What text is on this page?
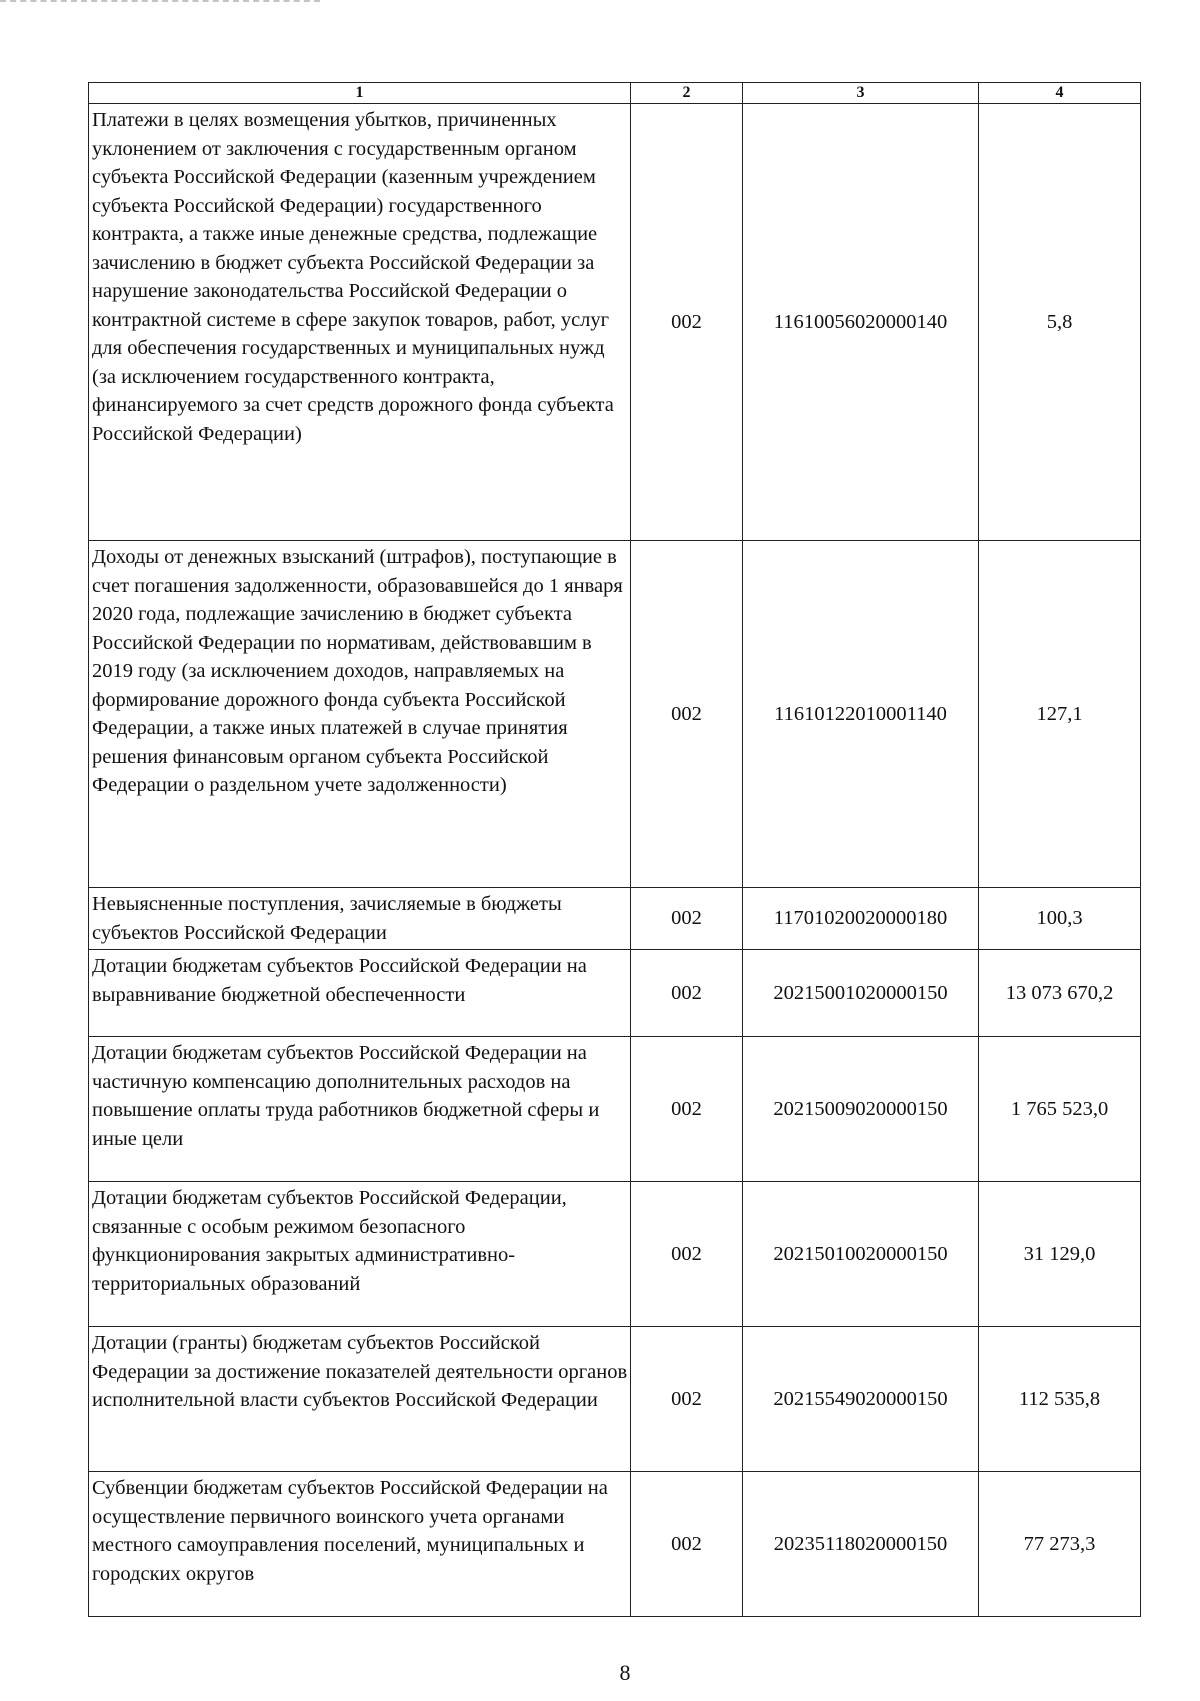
1	2	3	4
Платежи в целях возмещения убытков, причиненных уклонением от заключения с государственным органом субъекта Российской Федерации (казенным учреждением субъекта Российской Федерации) государственного контракта, а также иные денежные средства, подлежащие зачислению в бюджет субъекта Российской Федерации за нарушение законодательства Российской Федерации о контрактной системе в сфере закупок товаров, работ, услуг для обеспечения государственных и муниципальных нужд (за исключением государственного контракта, финансируемого за счет средств дорожного фонда субъекта Российской Федерации)	002	11610056020000140	5,8
Доходы от денежных взысканий (штрафов), поступающие в счет погашения задолженности, образовавшейся до 1 января 2020 года, подлежащие зачислению в бюджет субъекта Российской Федерации по нормативам, действовавшим в 2019 году (за исключением доходов, направляемых на формирование дорожного фонда субъекта Российской Федерации, а также иных платежей в случае принятия решения финансовым органом субъекта Российской Федерации о раздельном учете задолженности)	002	11610122010001140	127,1
Невыясненные поступления, зачисляемые в бюджеты субъектов Российской Федерации	002	11701020020000180	100,3
Дотации бюджетам субъектов Российской Федерации на выравнивание бюджетной обеспеченности	002	20215001020000150	13 073 670,2
Дотации бюджетам субъектов Российской Федерации на частичную компенсацию дополнительных расходов на повышение оплаты труда работников бюджетной сферы и иные цели	002	20215009020000150	1 765 523,0
Дотации бюджетам субъектов Российской Федерации, связанные с особым режимом безопасного функционирования закрытых административно-территориальных образований	002	20215010020000150	31 129,0
Дотации (гранты) бюджетам субъектов Российской Федерации за достижение показателей деятельности органов исполнительной власти субъектов Российской Федерации	002	20215549020000150	112 535,8
Субвенции бюджетам субъектов Российской Федерации на осуществление первичного воинского учета органами местного самоуправления поселений, муниципальных и городских округов	002	20235118020000150	77 273,3
8
